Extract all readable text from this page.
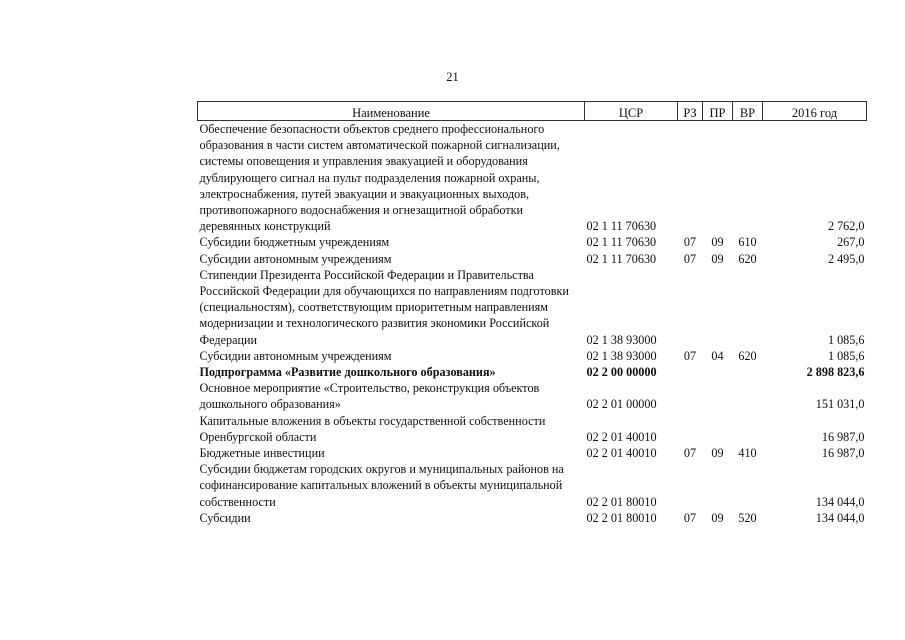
21
Наименование	ЦСР	РЗ	ПР	ВР	2016 год
Обеспечение безопасности объектов среднего профессионального образования в части систем автоматической пожарной сигнализации, системы оповещения и управления эвакуацией и оборудования дублирующего сигнал на пульт подразделения пожарной охраны, электроснабжения, путей эвакуации и эвакуационных выходов, противопожарного водоснабжения и огнезащитной обработки деревянных конструкций	02 1 11 70630				2 762,0
Субсидии бюджетным учреждениям	02 1 11 70630	07	09	610	267,0
Субсидии автономным учреждениям	02 1 11 70630	07	09	620	2 495,0
Стипендии Президента Российской Федерации и Правительства Российской Федерации для обучающихся по направлениям подготовки (специальностям), соответствующим приоритетным направлениям модернизации и технологического развития экономики Российской Федерации	02 1 38 93000				1 085,6
Субсидии автономным учреждениям	02 1 38 93000	07	04	620	1 085,6
Подпрограмма «Развитие дошкольного образования»	02 2 00 00000				2 898 823,6
Основное мероприятие «Строительство, реконструкция объектов дошкольного образования»	02 2 01 00000				151 031,0
Капитальные вложения в объекты государственной собственности Оренбургской области	02 2 01 40010				16 987,0
Бюджетные инвестиции	02 2 01 40010	07	09	410	16 987,0
Субсидии бюджетам городских округов и муниципальных районов на софинансирование капитальных вложений в объекты муниципальной собственности	02 2 01 80010				134 044,0
Субсидии	02 2 01 80010	07	09	520	134 044,0
